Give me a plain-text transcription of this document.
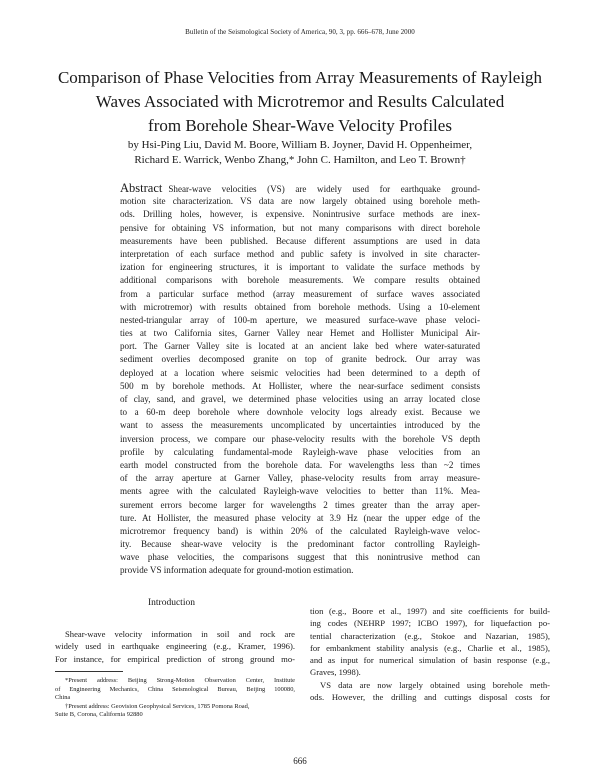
Bulletin of the Seismological Society of America, 90, 3, pp. 666–678, June 2000
Comparison of Phase Velocities from Array Measurements of Rayleigh
Waves Associated with Microtremor and Results Calculated
from Borehole Shear-Wave Velocity Profiles
by Hsi-Ping Liu, David M. Boore, William B. Joyner, David H. Oppenheimer,
Richard E. Warrick, Wenbo Zhang,* John C. Hamilton, and Leo T. Brown†
Abstract Shear-wave velocities (VS) are widely used for earthquake ground-
motion site characterization. VS data are now largely obtained using borehole meth-
ods. Drilling holes, however, is expensive. Nonintrusive surface methods are inex-
pensive for obtaining VS information, but not many comparisons with direct borehole
measurements have been published. Because different assumptions are used in data
interpretation of each surface method and public safety is involved in site character-
ization for engineering structures, it is important to validate the surface methods by
additional comparisons with borehole measurements. We compare results obtained
from a particular surface method (array measurement of surface waves associated
with microtremor) with results obtained from borehole methods. Using a 10-element
nested-triangular array of 100-m aperture, we measured surface-wave phase veloci-
ties at two California sites, Garner Valley near Hemet and Hollister Municipal Air-
port. The Garner Valley site is located at an ancient lake bed where water-saturated
sediment overlies decomposed granite on top of granite bedrock. Our array was
deployed at a location where seismic velocities had been determined to a depth of
500 m by borehole methods. At Hollister, where the near-surface sediment consists
of clay, sand, and gravel, we determined phase velocities using an array located close
to a 60-m deep borehole where downhole velocity logs already exist. Because we
want to assess the measurements uncomplicated by uncertainties introduced by the
inversion process, we compare our phase-velocity results with the borehole VS depth
profile by calculating fundamental-mode Rayleigh-wave phase velocities from an
earth model constructed from the borehole data. For wavelengths less than ~2 times
of the array aperture at Garner Valley, phase-velocity results from array measure-
ments agree with the calculated Rayleigh-wave velocities to better than 11%. Mea-
surement errors become larger for wavelengths 2 times greater than the array aper-
ture. At Hollister, the measured phase velocity at 3.9 Hz (near the upper edge of the
microtremor frequency band) is within 20% of the calculated Rayleigh-wave veloc-
ity. Because shear-wave velocity is the predominant factor controlling Rayleigh-
wave phase velocities, the comparisons suggest that this nonintrusive method can
provide VS information adequate for ground-motion estimation.
Introduction
Shear-wave velocity information in soil and rock are
widely used in earthquake engineering (e.g., Kramer, 1996).
For instance, for empirical prediction of strong ground mo-
*Present address: Beijing Strong-Motion Observation Center, Institute
of Engineering Mechanics, China Seismological Bureau, Beijing 100080,
China
†Present address: Geovision Geophysical Services, 1785 Pomona Road,
Suite B, Corona, California 92880
tion (e.g., Boore et al., 1997) and site coefficients for build-
ing codes (NEHRP 1997; ICBO 1997), for liquefaction po-
tential characterization (e.g., Stokoe and Nazarian, 1985),
for embankment stability analysis (e.g., Charlie et al., 1985),
and as input for numerical simulation of basin response (e.g.,
Graves, 1998).
VS data are now largely obtained using borehole meth-
ods. However, the drilling and cuttings disposal costs for
666
